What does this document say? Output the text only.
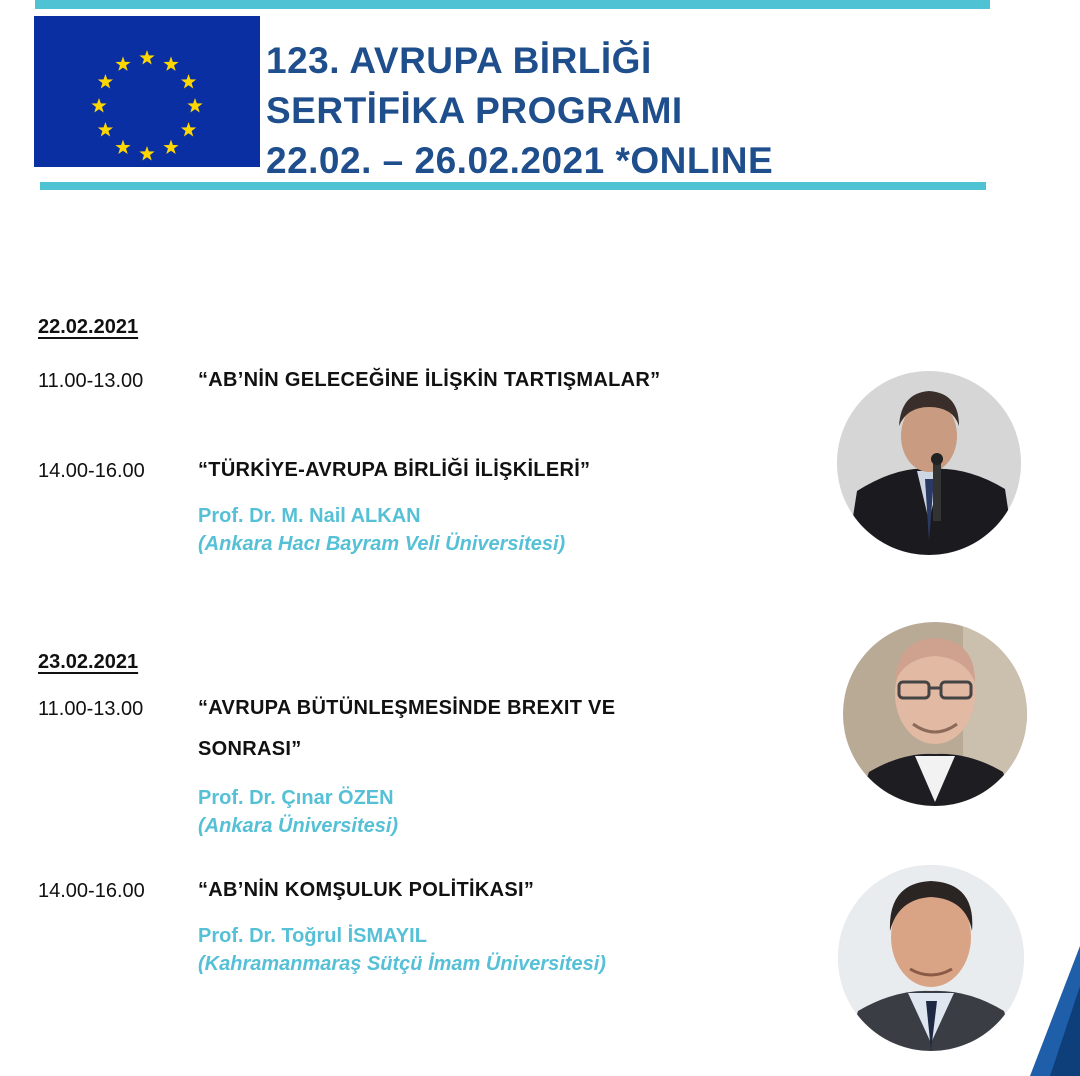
123. AVRUPA BİRLİĞİ
SERTİFİKA PROGRAMI
22.02. – 26.02.2021 *ONLINE
22.02.2021
11.00-13.00	“AB’NİN GELECEĞİNE İLİŞKİN TARTIŞMALAR”
14.00-16.00	“TÜRKİYE-AVRUPA BİRLİĞİ İLİŞKİLERİ”
Prof. Dr. M. Nail ALKAN
(Ankara Hacı Bayram Veli Üniversitesi)
23.02.2021
11.00-13.00	“AVRUPA BÜTÜNLEŞMESİNDE BREXIT VE
SONRASI”
Prof. Dr. Çınar ÖZEN
(Ankara Üniversitesi)
14.00-16.00	“AB’NİN KOMŞULUK POLİTİKASI”
Prof. Dr. Toğrul İSMAYIL
(Kahramanmaraş Sütçü İmam Üniversitesi)
